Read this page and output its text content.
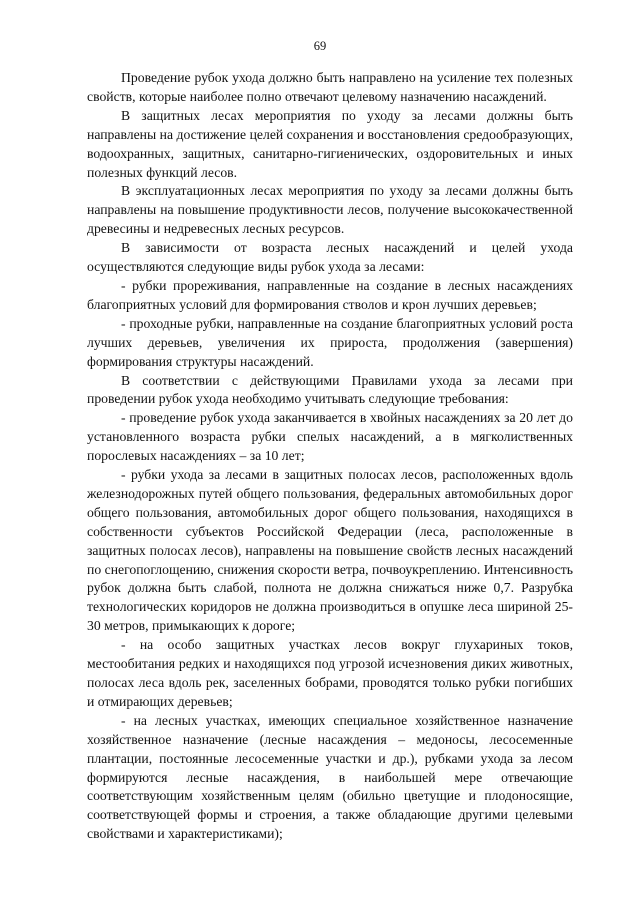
69

Проведение рубок ухода должно быть направлено на усиление тех полезных свойств, которые наиболее полно отвечают целевому назначению насаждений.

В защитных лесах мероприятия по уходу за лесами должны быть направлены на достижение целей сохранения и восстановления средообразующих, водоохранных, защитных, санитарно-гигиенических, оздоровительных и иных полезных функций лесов.

В эксплуатационных лесах мероприятия по уходу за лесами должны быть направлены на повышение продуктивности лесов, получение высококачественной древесины и недревесных лесных ресурсов.

В зависимости от возраста лесных насаждений и целей ухода осуществляются следующие виды рубок ухода за лесами:

- рубки прореживания, направленные на создание в лесных насаждениях благоприятных условий для формирования стволов и крон лучших деревьев;

- проходные рубки, направленные на создание благоприятных условий роста лучших деревьев, увеличения их прироста, продолжения (завершения) формирования структуры насаждений.

В соответствии с действующими Правилами ухода за лесами при проведении рубок ухода необходимо учитывать следующие требования:

- проведение рубок ухода заканчивается в хвойных насаждениях за 20 лет до установленного возраста рубки спелых насаждений, а в мягколиственных порослевых насаждениях – за 10 лет;

- рубки ухода за лесами в защитных полосах лесов, расположенных вдоль железнодорожных путей общего пользования, федеральных автомобильных дорог общего пользования, автомобильных дорог общего пользования, находящихся в собственности субъектов Российской Федерации (леса, расположенные в защитных полосах лесов), направлены на повышение свойств лесных насаждений по снегопоглощению, снижения скорости ветра, почвоукреплению. Интенсивность рубок должна быть слабой, полнота не должна снижаться ниже 0,7. Разрубка технологических коридоров не должна производиться в опушке леса шириной 25-30 метров, примыкающих к дороге;

- на особо защитных участках лесов вокруг глухариных токов, местообитания редких и находящихся под угрозой исчезновения диких животных, полосах леса вдоль рек, заселенных бобрами, проводятся только рубки погибших и отмирающих деревьев;

- на лесных участках, имеющих специальное хозяйственное назначение хозяйственное назначение (лесные насаждения – медоносы, лесосеменные плантации, постоянные лесосеменные участки и др.), рубками ухода за лесом формируются лесные насаждения, в наибольшей мере отвечающие соответствующим хозяйственным целям (обильно цветущие и плодоносящие, соответствующей формы и строения, а также обладающие другими целевыми свойствами и характеристиками);
